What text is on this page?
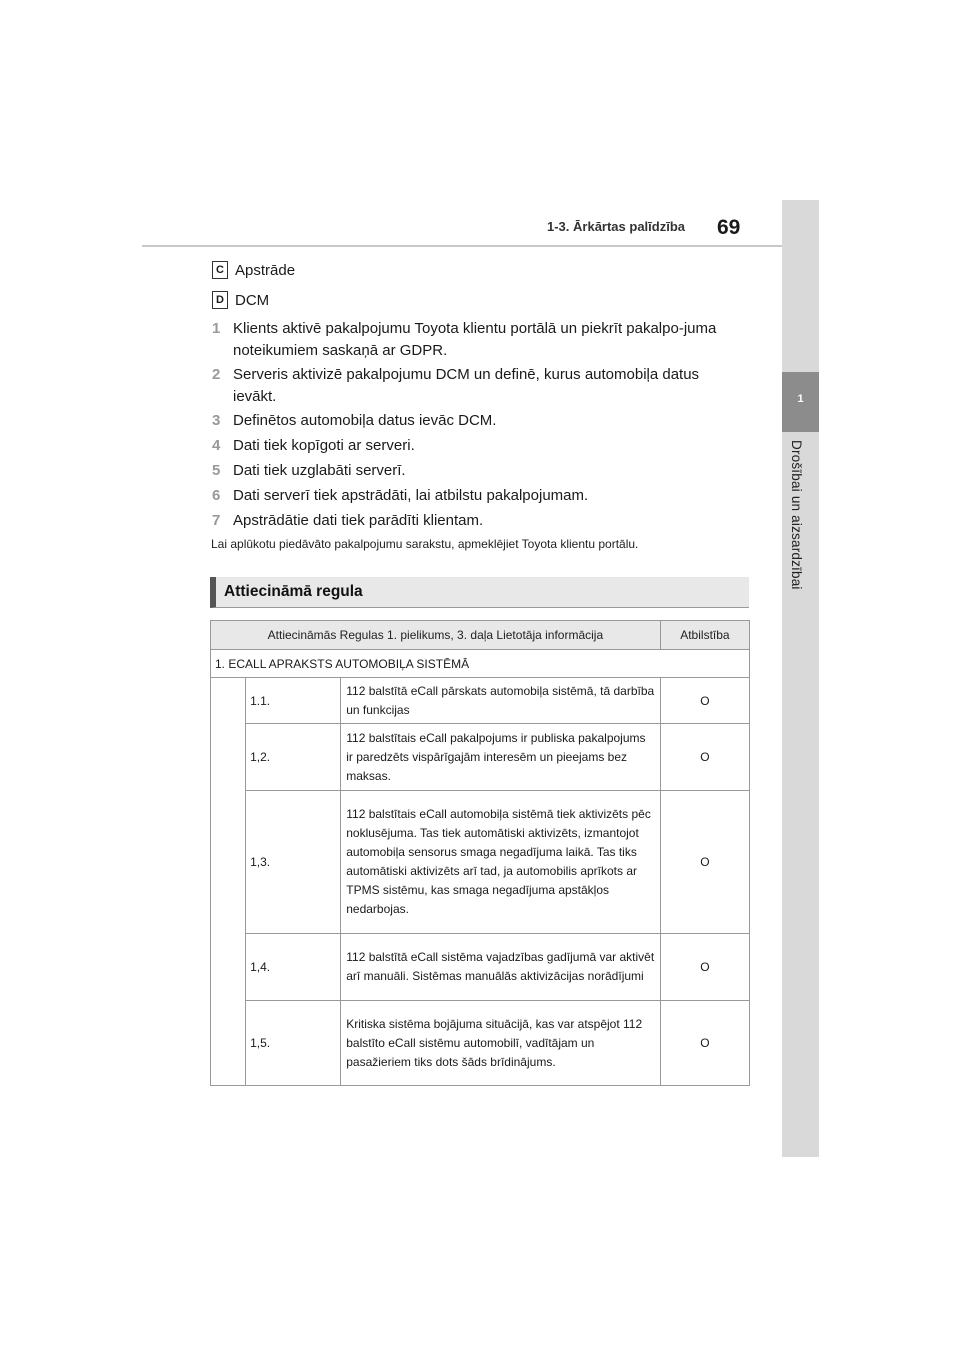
1
Drošībai un aizsardzībai
1-3. Ārkārtas palīdzība 69
C Apstrāde
D DCM
1 Klients aktivē pakalpojumu Toyota klientu portālā un piekrīt pakalpo-juma noteikumiem saskaņā ar GDPR.
2 Serveris aktivizē pakalpojumu DCM un definē, kurus automobiļa datus ievākt.
3 Definētos automobiļa datus ievāc DCM.
4 Dati tiek kopīgoti ar serveri.
5 Dati tiek uzglabāti serverī.
6 Dati serverī tiek apstrādāti, lai atbilstu pakalpojumam.
7 Apstrādātie dati tiek parādīti klientam.
Lai aplūkotu piedāvāto pakalpojumu sarakstu, apmeklējiet Toyota klientu portālu.
Attiecināmā regula
Attiecināmās Regulas 1. pielikums, 3. daļa Lietotāja informācija			Atbilstība
1. ECALL APRAKSTS AUTOMOBIĻA SISTĒMĀ			
	1.1.	112 balstītā eCall pārskats automobiļa sistēmā, tā darbība un funkcijas	O
	1,2.	112 balstītais eCall pakalpojums ir publiska pakalpojums ir paredzēts vispārīgajām interesēm un pieejams bez maksas.	O
	1,3.	112 balstītais eCall automobiļa sistēmā tiek aktivizēts pēc noklusējuma. Tas tiek automātiski aktivizēts, izmantojot automobiļa sensorus smaga negadījuma laikā. Tas tiks automātiski aktivizēts arī tad, ja automobilis aprīkots ar TPMS sistēmu, kas smaga negadījuma apstākļos nedarbojas.	O
	1,4.	112 balstītā eCall sistēma vajadzības gadījumā var aktivēt arī manuāli. Sistēmas manuālās aktivizācijas norādījumi	O
	1,5.	Kritiska sistēma bojājuma situācijā, kas var atspējot 112 balstīto eCall sistēmu automobilī, vadītājam un pasažieriem tiks dots šāds brīdinājums.	O
